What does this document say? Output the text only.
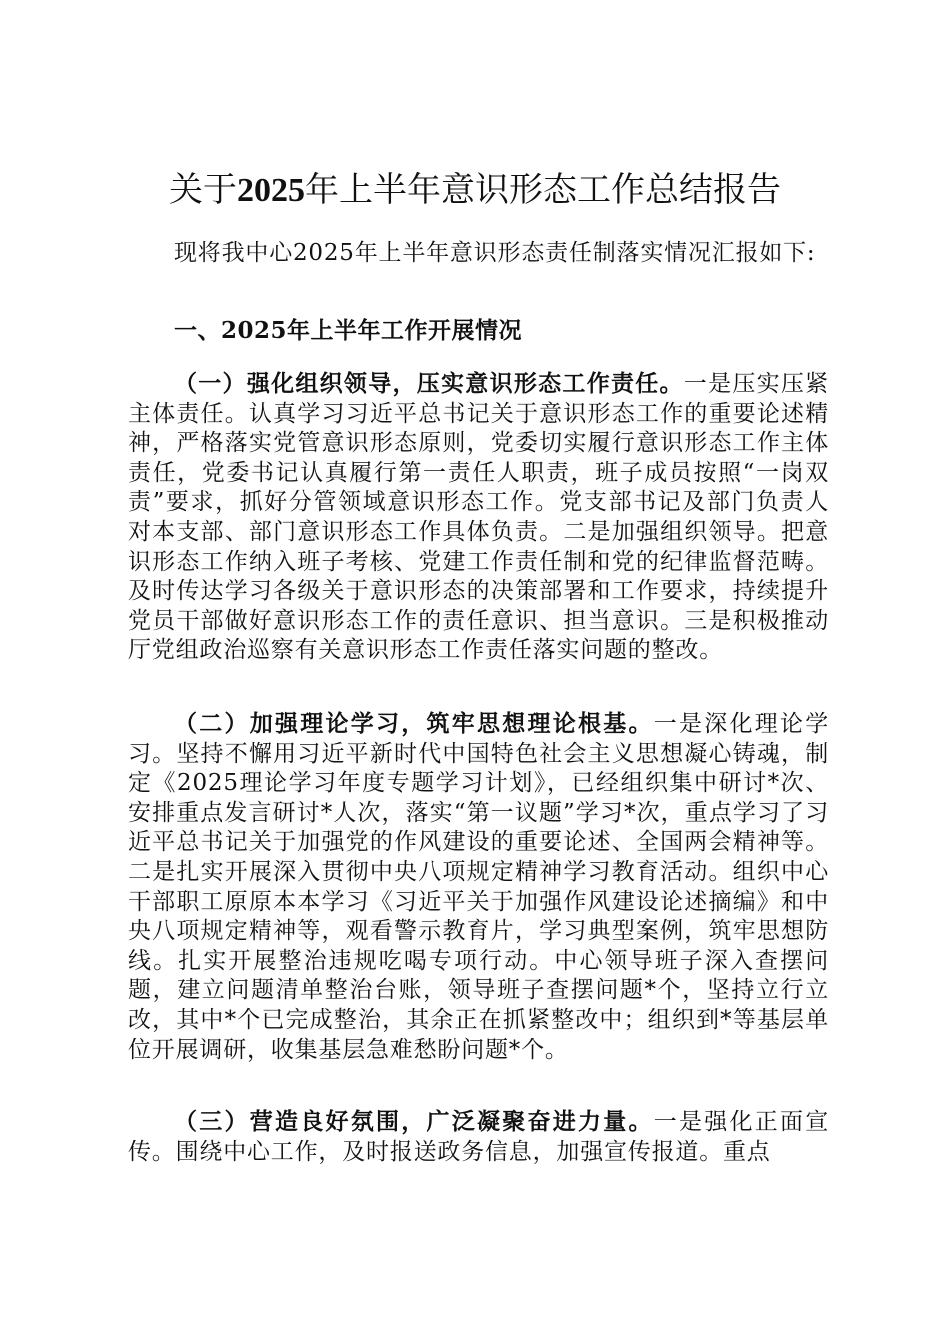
关于2025年上半年意识形态工作总结报告

现将我中心2025年上半年意识形态责任制落实情况汇报如下:

一、2025年上半年工作开展情况

（一）强化组织领导，压实意识形态工作责任。一是压实压紧主体责任。认真学习习近平总书记关于意识形态工作的重要论述精神，严格落实党管意识形态原则，党委切实履行意识形态工作主体责任，党委书记认真履行第一责任人职责，班子成员按照“一岗双责”要求，抓好分管领域意识形态工作。党支部书记及部门负责人对本支部、部门意识形态工作具体负责。二是加强组织领导。把意识形态工作纳入班子考核、党建工作责任制和党的纪律监督范畴。及时传达学习各级关于意识形态的决策部署和工作要求，持续提升党员干部做好意识形态工作的责任意识、担当意识。三是积极推动厅党组政治巡察有关意识形态工作责任落实问题的整改。

（二）加强理论学习，筑牢思想理论根基。一是深化理论学习。坚持不懈用习近平新时代中国特色社会主义思想凝心铸魂，制定《2025理论学习年度专题学习计划》，已经组织集中研讨*次、安排重点发言研讨*人次，落实“第一议题”学习*次，重点学习了习近平总书记关于加强党的作风建设的重要论述、全国两会精神等。二是扎实开展深入贯彻中央八项规定精神学习教育活动。组织中心干部职工原原本本学习《习近平关于加强作风建设论述摘编》和中央八项规定精神等，观看警示教育片，学习典型案例，筑牢思想防线。扎实开展整治违规吃喝专项行动。中心领导班子深入查摆问题，建立问题清单整治台账，领导班子查摆问题*个，坚持立行立改，其中*个已完成整治，其余正在抓紧整改中；组织到*等基层单位开展调研，收集基层急难愁盼问题*个。

（三）营造良好氛围，广泛凝聚奋进力量。一是强化正面宣传。围绕中心工作，及时报送政务信息，加强宣传报道。重点
